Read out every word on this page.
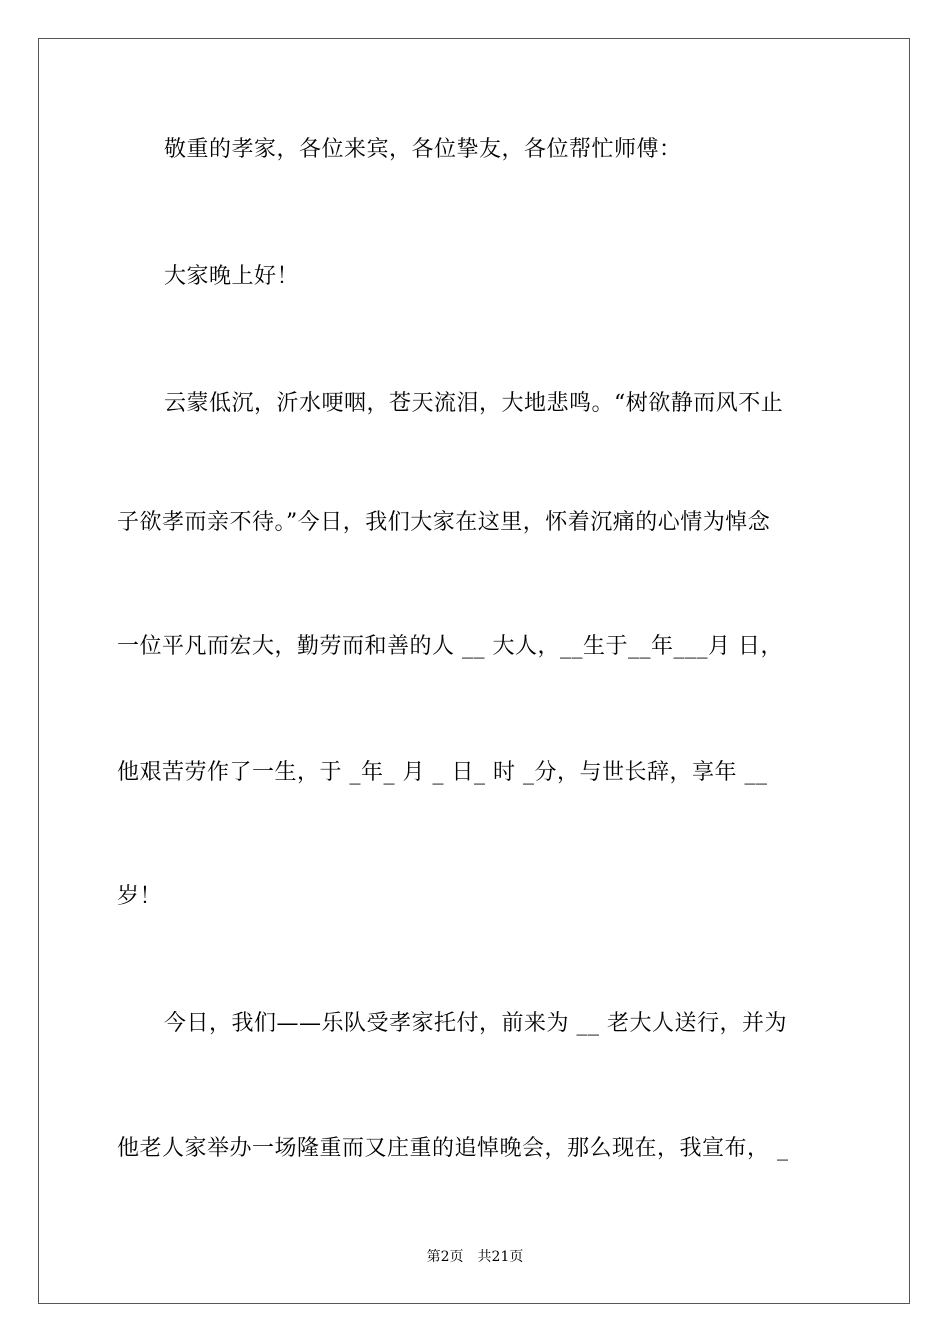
敬重的孝家，各位来宾，各位挚友，各位帮忙师傅：
大家晚上好！
云蒙低沉，沂水哽咽，苍天流泪，大地悲鸣。“树欲静而风不止
子欲孝而亲不待。”今日，我们大家在这里，怀着沉痛的心情为悼念
一位平凡而宏大，勤劳而和善的人 __ 大人，__生于__年___月 日，
他艰苦劳作了一生，于 _年_ 月 _ 日_ 时 _分，与世长辞，享年 __
岁！
今日，我们——乐队受孝家托付，前来为 __ 老大人送行，并为
他老人家举办一场隆重而又庄重的追悼晚会，那么现在，我宣布， _
第2页 共21页
